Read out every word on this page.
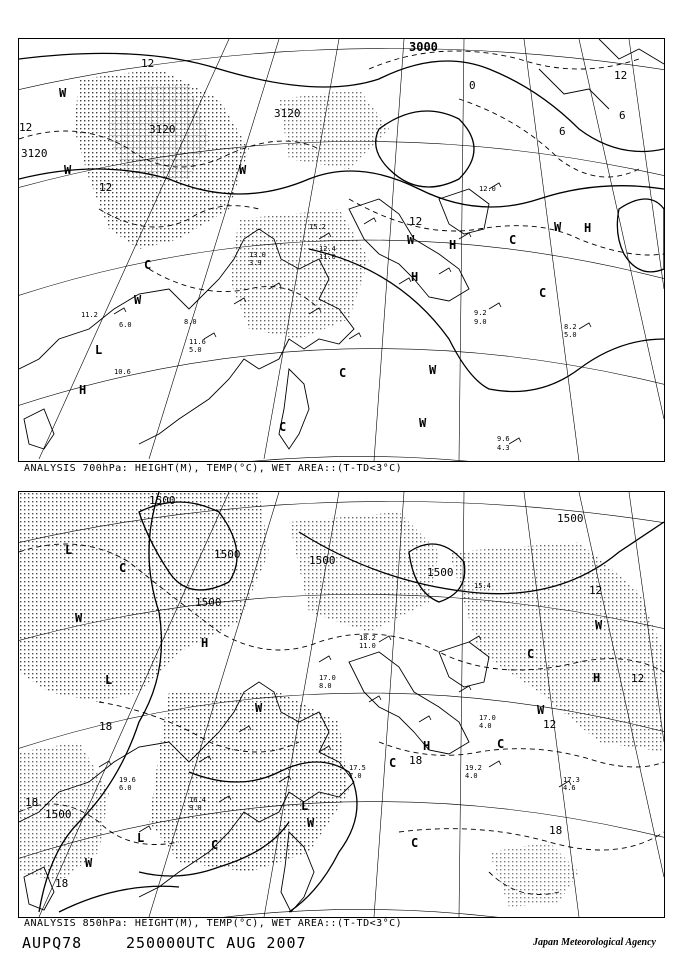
3000
3120
3120
3120
12
12
12
12
12
0
6
6
W
W
W
W
W
W
W
W
H
H
H
H
L
C
C
C
C
C
11.2
6.0
10.6
8.0
15.2
12.0
9.2
9.0
8.2
5.0
9.6
4.3
11.6
5.0
13.0
3.9
12.4
11.0
ANALYSIS 700hPa: HEIGHT(M), TEMP(°C), WET AREA::(T-TD<3°C)
1500
1500
1500
1500
1500
1500
1500
18
18
18
18
18
12
12
12
W
W
W
W
W
W
H
H
H
L
L
L
L
C	C
C
C
C
C
19.2
4.0	17.3
4.6
15.4
17.0
8.0
16.4
9.0
17.5
7.0
18.2
11.0
17.0
4.0
19.6
6.0
ANALYSIS 850hPa: HEIGHT(M), TEMP(°C), WET AREA::(T-TD<3°C)
AUPQ78	250000UTC AUG 2007	Japan Meteorological Agency
